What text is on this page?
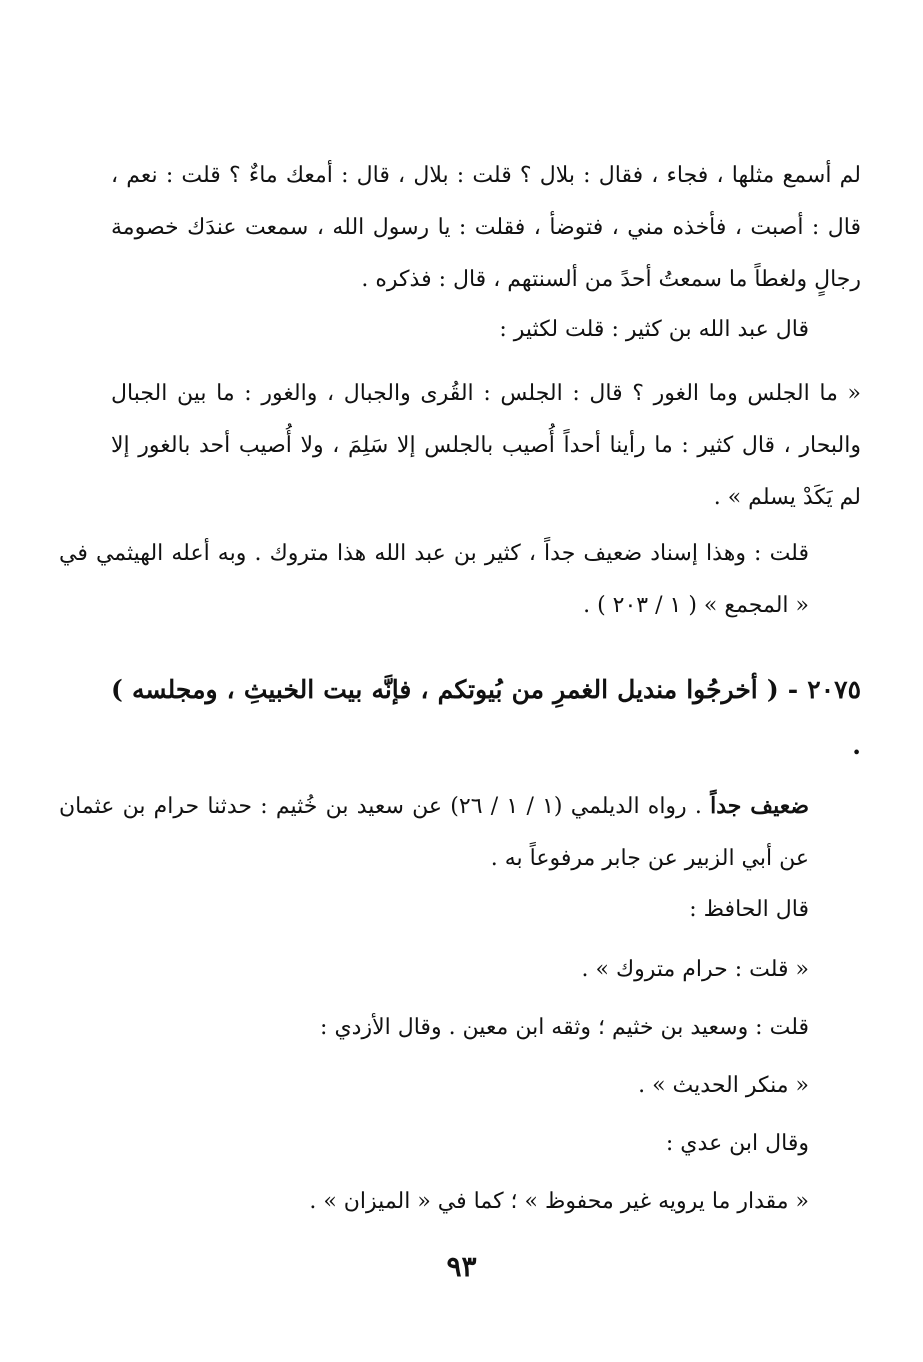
لم أسمع مثلها ، فجاء ، فقال : بلال ؟ قلت : بلال ، قال : أمعك ماءٌ ؟ قلت : نعم ، قال : أصبت ، فأخذه مني ، فتوضأ ، فقلت : يا رسول الله ، سمعت عندَك خصومة رجالٍ ولغطاً ما سمعتُ أحدً من ألسنتهم ، قال : فذكره .
قال عبد الله بن كثير : قلت لكثير :
« ما الجلس وما الغور ؟ قال : الجلس : القُرى والجبال ، والغور : ما بين الجبال والبحار ، قال كثير : ما رأينا أحداً أُصيب بالجلس إلا سَلِمَ ، ولا أُصيب أحد بالغور إلا لم يَكَدْ يسلم » .
قلت : وهذا إسناد ضعيف جداً ، كثير بن عبد الله هذا متروك . وبه أعله الهيثمي في « المجمع » ( ١ / ٢٠٣ ) .
٢٠٧٥ - ( أخرجُوا منديل الغمرِ من بُيوتكم ، فإنَّه بيت الخبيثِ ، ومجلسه ) .
ضعيف جداً . رواه الديلمي (١ / ١ / ٢٦) عن سعيد بن خُثيم : حدثنا حرام بن عثمان عن أبي الزبير عن جابر مرفوعاً به .
قال الحافظ :
« قلت : حرام متروك » .
قلت : وسعيد بن خثيم ؛ وثقه ابن معين . وقال الأزدي :
« منكر الحديث » .
وقال ابن عدي :
« مقدار ما يرويه غير محفوظ » ؛ كما في « الميزان » .
٩٣
